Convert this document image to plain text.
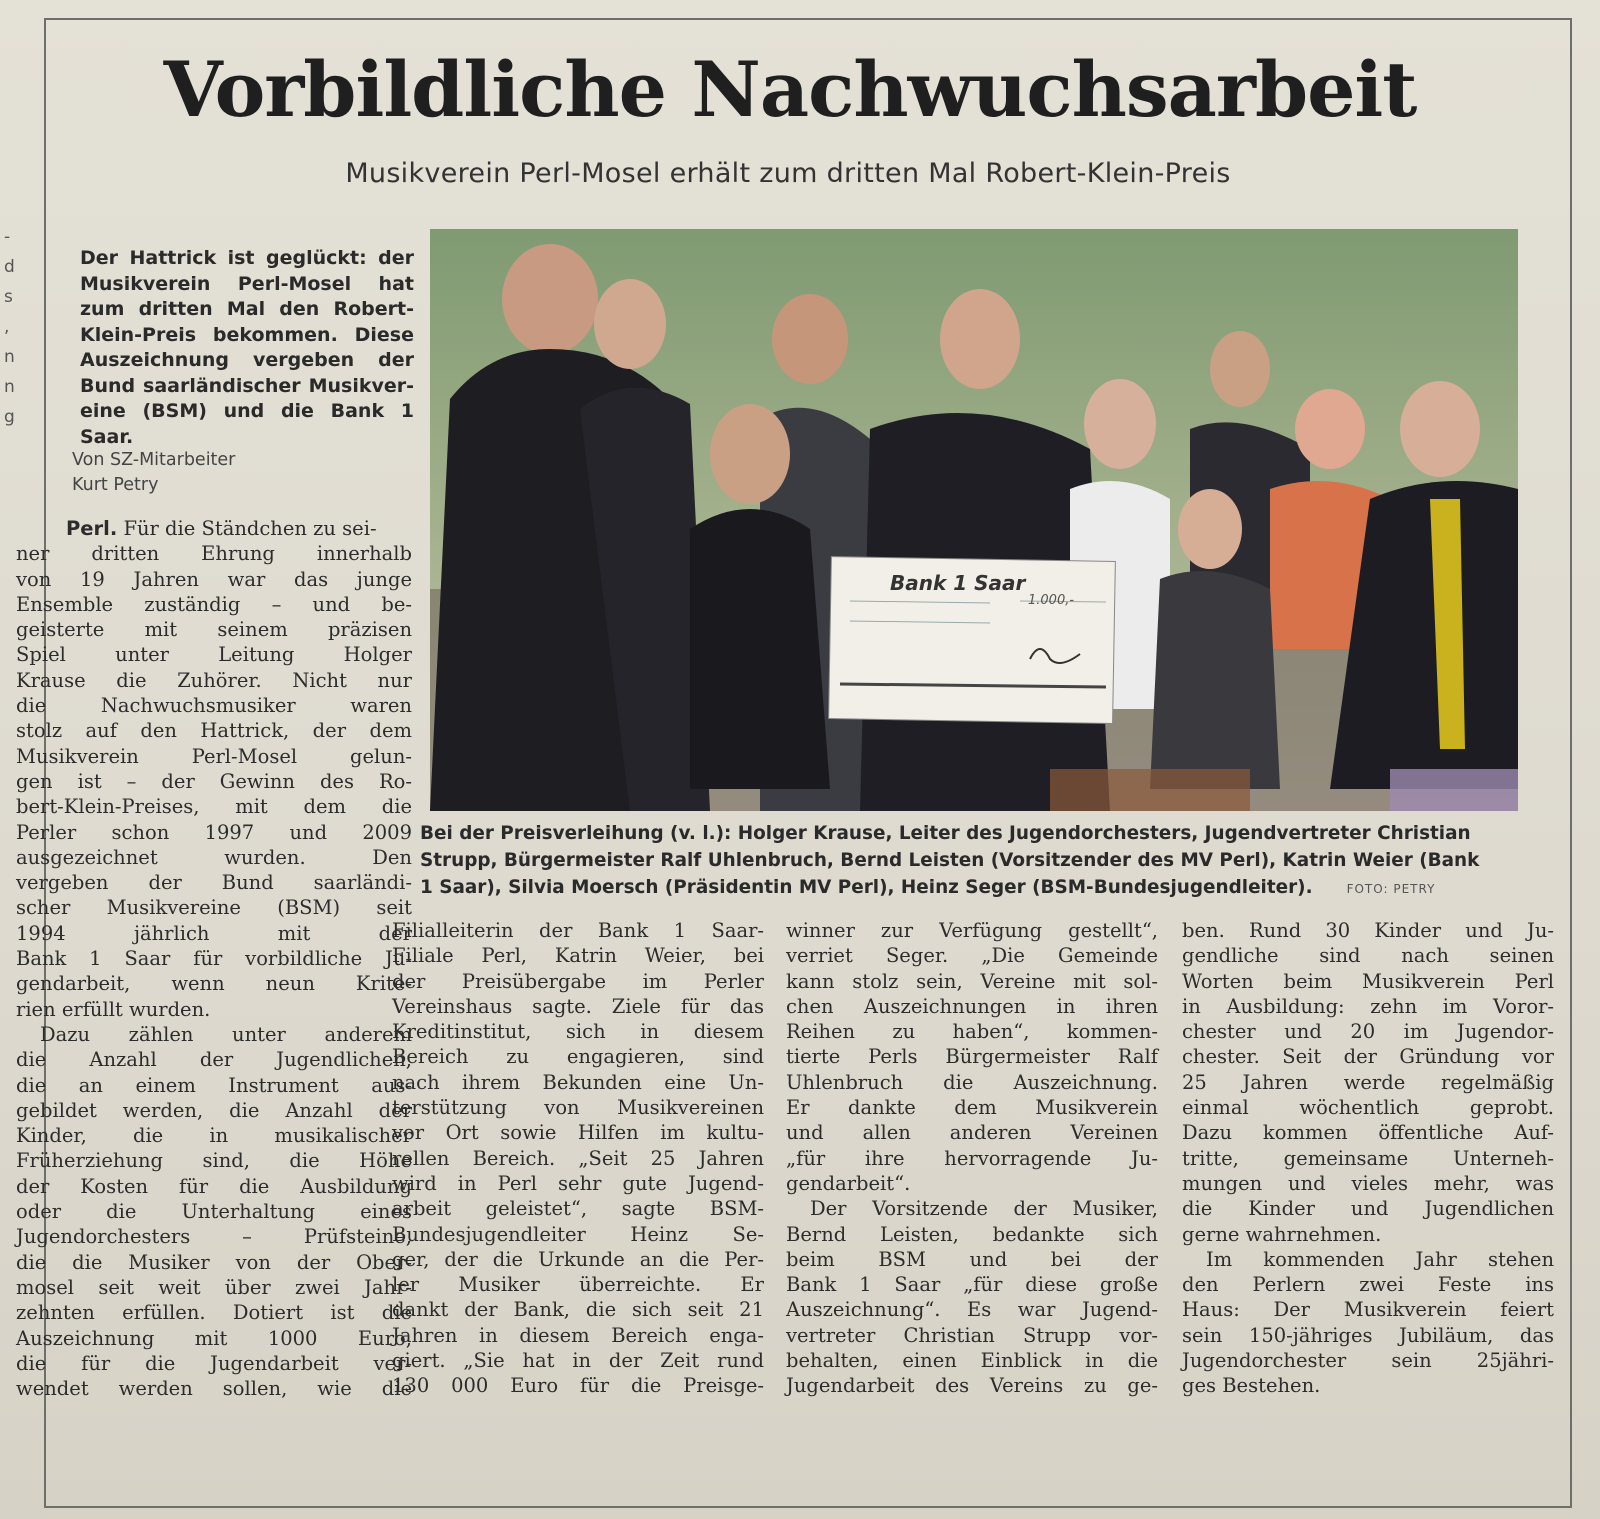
-
d
s
,
n
n
g
Vorbildliche Nachwuchsarbeit
Musikverein Perl-Mosel erhält zum dritten Mal Robert-Klein-Preis
Der Hattrick ist geglückt: der
Musikverein Perl-Mosel hat
zum dritten Mal den Robert-
Klein-Preis bekommen. Diese
Auszeichnung vergeben der
Bund saarländischer Musikver-
eine (BSM) und die Bank 1 Saar.
Von SZ-Mitarbeiter
Kurt Petry
Bank 1 Saar
1.000,-
Bei der Preisverleihung (v. l.): Holger Krause, Leiter des Jugendorchesters, Jugendvertreter Christian
Strupp, Bürgermeister Ralf Uhlenbruch, Bernd Leisten (Vorsitzender des MV Perl), Katrin Weier (Bank
1 Saar), Silvia Moersch (Präsidentin MV Perl), Heinz Seger (BSM-Bundesjugendleiter).	FOTO: PETRY
Perl. Für die Ständchen zu sei-
ner dritten Ehrung innerhalb
von 19 Jahren war das junge
Ensemble zuständig – und be-
geisterte mit seinem präzisen
Spiel unter Leitung Holger
Krause die Zuhörer. Nicht nur
die Nachwuchsmusiker waren
stolz auf den Hattrick, der dem
Musikverein Perl-Mosel gelun-
gen ist – der Gewinn des Ro-
bert-Klein-Preises, mit dem die
Perler schon 1997 und 2009
ausgezeichnet wurden. Den
vergeben der Bund saarländi-
scher Musikvereine (BSM) seit
1994 jährlich mit der
Bank 1 Saar für vorbildliche Ju-
gendarbeit, wenn neun Krite-
rien erfüllt wurden.
Dazu zählen unter anderem
die Anzahl der Jugendlichen,
die an einem Instrument aus-
gebildet werden, die Anzahl der
Kinder, die in musikalischer
Früherziehung sind, die Höhe
der Kosten für die Ausbildung
oder die Unterhaltung eines
Jugendorchesters – Prüfsteine,
die die Musiker von der Ober-
mosel seit weit über zwei Jahr-
zehnten erfüllen. Dotiert ist die
Auszeichnung mit 1000 Euro,
die für die Jugendarbeit ver-
wendet werden sollen, wie die
Filialleiterin der Bank 1 Saar-
Filiale Perl, Katrin Weier, bei
der Preisübergabe im Perler
Vereinshaus sagte. Ziele für das
Kreditinstitut, sich in diesem
Bereich zu engagieren, sind
nach ihrem Bekunden eine Un-
terstützung von Musikvereinen
vor Ort sowie Hilfen im kultu-
rellen Bereich. „Seit 25 Jahren
wird in Perl sehr gute Jugend-
arbeit geleistet“, sagte BSM-
Bundesjugendleiter Heinz Se-
ger, der die Urkunde an die Per-
ler Musiker überreichte. Er
dankt der Bank, die sich seit 21
Jahren in diesem Bereich enga-
giert. „Sie hat in der Zeit rund
130 000 Euro für die Preisge-
winner zur Verfügung gestellt“,
verriet Seger. „Die Gemeinde
kann stolz sein, Vereine mit sol-
chen Auszeichnungen in ihren
Reihen zu haben“, kommen-
tierte Perls Bürgermeister Ralf
Uhlenbruch die Auszeichnung.
Er dankte dem Musikverein
und allen anderen Vereinen
„für ihre hervorragende Ju-
gendarbeit“.
Der Vorsitzende der Musiker,
Bernd Leisten, bedankte sich
beim BSM und bei der
Bank 1 Saar „für diese große
Auszeichnung“. Es war Jugend-
vertreter Christian Strupp vor-
behalten, einen Einblick in die
Jugendarbeit des Vereins zu ge-
ben. Rund 30 Kinder und Ju-
gendliche sind nach seinen
Worten beim Musikverein Perl
in Ausbildung: zehn im Voror-
chester und 20 im Jugendor-
chester. Seit der Gründung vor
25 Jahren werde regelmäßig
einmal wöchentlich geprobt.
Dazu kommen öffentliche Auf-
tritte, gemeinsame Unterneh-
mungen und vieles mehr, was
die Kinder und Jugendlichen
gerne wahrnehmen.
Im kommenden Jahr stehen
den Perlern zwei Feste ins
Haus: Der Musikverein feiert
sein 150-jähriges Jubiläum, das
Jugendorchester sein 25jähri-
ges Bestehen.
